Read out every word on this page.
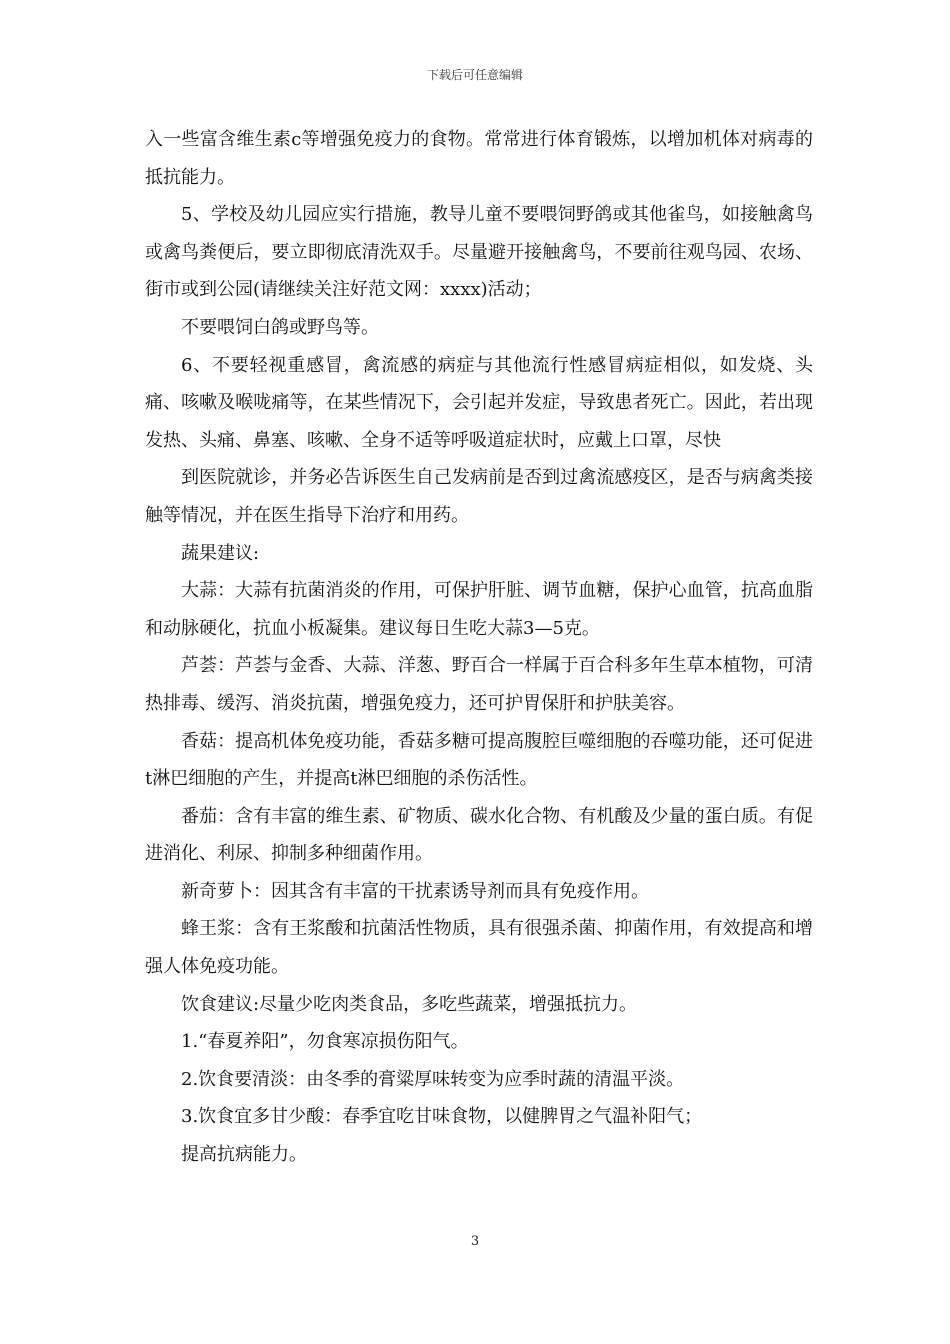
下载后可任意编辑

入一些富含维生素c等增强免疫力的食物。常常进行体育锻炼，以增加机体对病毒的抵抗能力。

5、学校及幼儿园应实行措施，教导儿童不要喂饲野鸽或其他雀鸟，如接触禽鸟或禽鸟粪便后，要立即彻底清洗双手。尽量避开接触禽鸟，不要前往观鸟园、农场、街市或到公园(请继续关注好范文网：xxxx)活动；

不要喂饲白鸽或野鸟等。

6、不要轻视重感冒，禽流感的病症与其他流行性感冒病症相似，如发烧、头痛、咳嗽及喉咙痛等，在某些情况下，会引起并发症，导致患者死亡。因此，若出现发热、头痛、鼻塞、咳嗽、全身不适等呼吸道症状时，应戴上口罩，尽快

到医院就诊，并务必告诉医生自己发病前是否到过禽流感疫区，是否与病禽类接触等情况，并在医生指导下治疗和用药。

蔬果建议:

大蒜：大蒜有抗菌消炎的作用，可保护肝脏、调节血糖，保护心血管，抗高血脂和动脉硬化，抗血小板凝集。建议每日生吃大蒜3—5克。

芦荟：芦荟与金香、大蒜、洋葱、野百合一样属于百合科多年生草本植物，可清热排毒、缓泻、消炎抗菌，增强免疫力，还可护胃保肝和护肤美容。

香菇：提高机体免疫功能，香菇多糖可提高腹腔巨噬细胞的吞噬功能，还可促进t淋巴细胞的产生，并提高t淋巴细胞的杀伤活性。

番茄：含有丰富的维生素、矿物质、碳水化合物、有机酸及少量的蛋白质。有促进消化、利尿、抑制多种细菌作用。

新奇萝卜：因其含有丰富的干扰素诱导剂而具有免疫作用。

蜂王浆：含有王浆酸和抗菌活性物质，具有很强杀菌、抑菌作用，有效提高和增强人体免疫功能。

饮食建议:尽量少吃肉类食品，多吃些蔬菜，增强抵抗力。

1.“春夏养阳”，勿食寒凉损伤阳气。

2.饮食要清淡：由冬季的膏粱厚味转变为应季时蔬的清温平淡。

3.饮食宜多甘少酸：春季宜吃甘味食物，以健脾胃之气温补阳气；

提高抗病能力。

3
